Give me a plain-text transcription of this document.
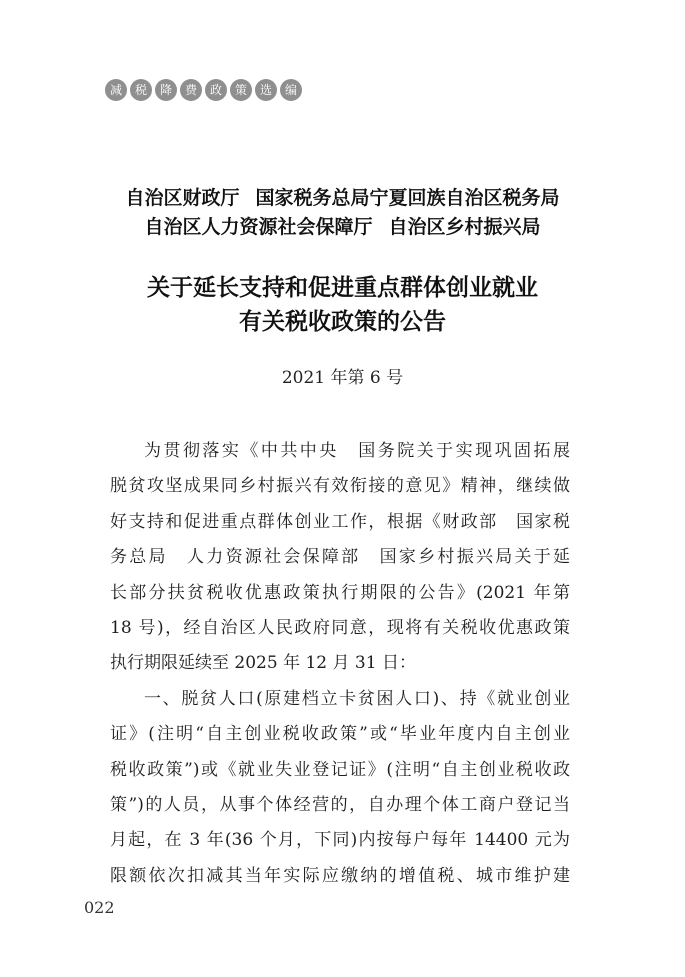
减	税	降	费	政	策	选	编
自治区财政厅 国家税务总局宁夏回族自治区税务局
自治区人力资源社会保障厅 自治区乡村振兴局
关于延长支持和促进重点群体创业就业
有关税收政策的公告
2021 年第 6 号
为贯彻落实《中共中央　国务院关于实现巩固拓展
脱贫攻坚成果同乡村振兴有效衔接的意见》精神，继续做
好支持和促进重点群体创业工作，根据《财政部　国家税
务总局　人力资源社会保障部　国家乡村振兴局关于延
长部分扶贫税收优惠政策执行期限的公告》(2021 年第
18 号)，经自治区人民政府同意，现将有关税收优惠政策
执行期限延续至 2025 年 12 月 31 日：
一、脱贫人口(原建档立卡贫困人口)、持《就业创业
证》(注明“自主创业税收政策”或“毕业年度内自主创业
税收政策”)或《就业失业登记证》(注明“自主创业税收政
策”)的人员，从事个体经营的，自办理个体工商户登记当
月起，在 3 年(36 个月，下同)内按每户每年 14400 元为
限额依次扣减其当年实际应缴纳的增值税、城市维护建
022
